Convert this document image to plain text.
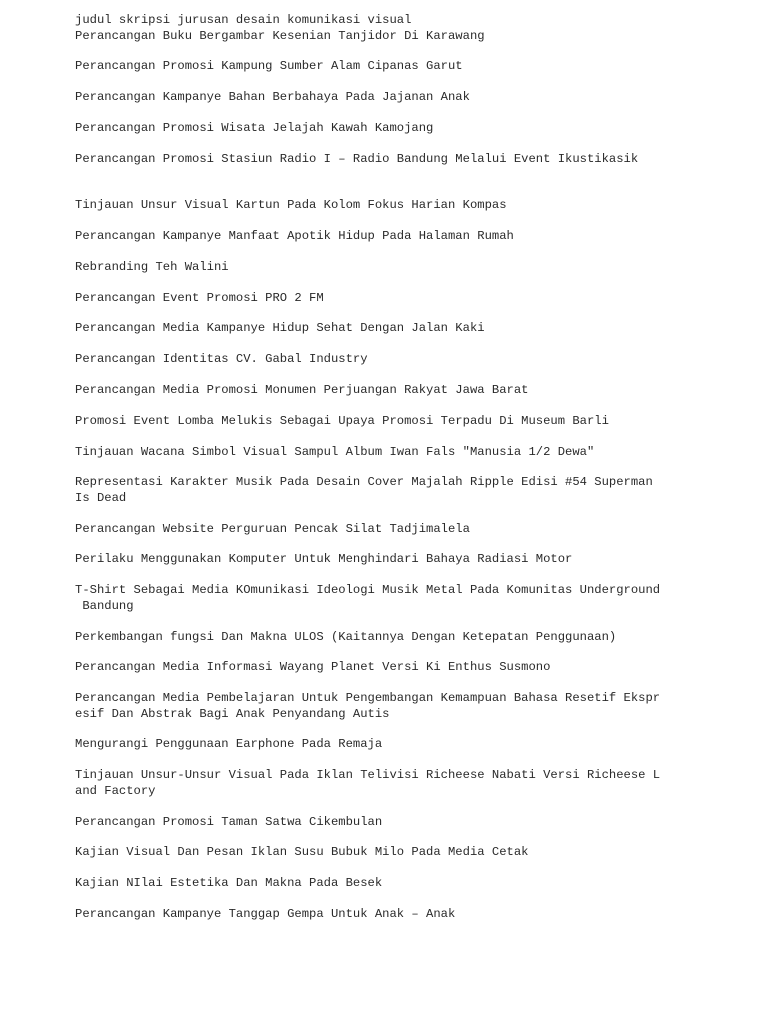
judul skripsi jurusan desain komunikasi visual

Perancangan Buku Bergambar Kesenian Tanjidor Di Karawang

Perancangan Promosi Kampung Sumber Alam Cipanas Garut

Perancangan Kampanye Bahan Berbahaya Pada Jajanan Anak

Perancangan Promosi Wisata Jelajah Kawah Kamojang

Perancangan Promosi Stasiun Radio I – Radio Bandung Melalui Event Ikustikasik

Tinjauan Unsur Visual Kartun Pada Kolom Fokus Harian Kompas

Perancangan Kampanye Manfaat Apotik Hidup Pada Halaman Rumah

Rebranding Teh Walini

Perancangan Event Promosi PRO 2 FM

Perancangan Media Kampanye Hidup Sehat Dengan Jalan Kaki

Perancangan Identitas CV. Gabal Industry

Perancangan Media Promosi Monumen Perjuangan Rakyat Jawa Barat

Promosi Event Lomba Melukis Sebagai Upaya Promosi Terpadu Di Museum Barli

Tinjauan Wacana Simbol Visual Sampul Album Iwan Fals "Manusia 1/2 Dewa"

Representasi Karakter Musik Pada Desain Cover Majalah Ripple Edisi #54 Superman
Is Dead

Perancangan Website Perguruan Pencak Silat Tadjimalela

Perilaku Menggunakan Komputer Untuk Menghindari Bahaya Radiasi Motor

T-Shirt Sebagai Media KOmunikasi Ideologi Musik Metal Pada Komunitas Underground
Bandung

Perkembangan fungsi Dan Makna ULOS (Kaitannya Dengan Ketepatan Penggunaan)

Perancangan Media Informasi Wayang Planet Versi Ki Enthus Susmono

Perancangan Media Pembelajaran Untuk Pengembangan Kemampuan Bahasa Resetif Ekspr
esif Dan Abstrak Bagi Anak Penyandang Autis

Mengurangi Penggunaan Earphone Pada Remaja

Tinjauan Unsur-Unsur Visual Pada Iklan Telivisi Richeese Nabati Versi Richeese L
and Factory

Perancangan Promosi Taman Satwa Cikembulan

Kajian Visual Dan Pesan Iklan Susu Bubuk Milo Pada Media Cetak

Kajian NIlai Estetika Dan Makna Pada Besek

Perancangan Kampanye Tanggap Gempa Untuk Anak – Anak
